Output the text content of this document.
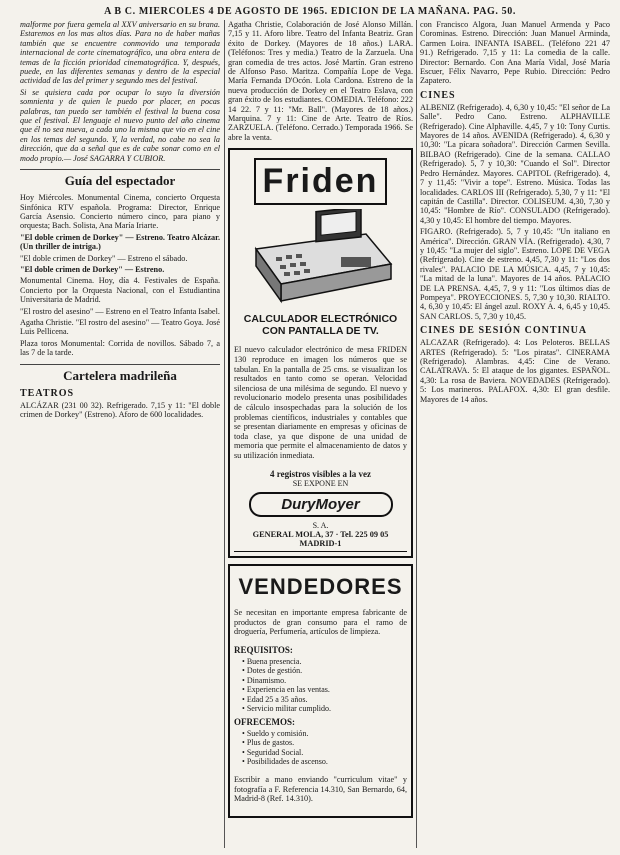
A B C. MIERCOLES 4 DE AGOSTO DE 1965. EDICION DE LA MAÑANA. PAG. 50.

malforme por fuera gemela al XXV aniversario en su brana. Estaremos en los mas altos días. Para no de haber mañas también que se encuentre conmovido una temporada internacional de corte cinematográfico, una obra entera de temas de la ficción prioridad cinematográfica. Y, después, puede, en las diferentes semanas y dentro de la especial actividad de las del primer y segundo mes del festival.

Si se quisiera cada por ocupar lo suyo la diversión somnienta y de quien le puedo por placer, en pocas palabras, tan puedo ser también el festival la buena cosa que el festival. El lenguaje el nuevo punto del año cinema que él no sea nueva, a cada uno la misma que vio en el cine en los temas del segundo. Y, la verdad, no cabe no sea la dirección, que da a señal que es de cabe sonar como en el modo propio.— José SAGARRA Y CUBIOR.

Guía del espectador

Hoy Miércoles. Monumental Cinema, concierto Orquesta Sinfónica RTV española. Programa: Director, Enrique García Asensio. Concierto número cinco, para piano y orquesta; Bach. Solista, Ana María Iriarte.

"El doble crimen de Dorkey" — Estreno. Teatro Alcázar. (Un thriller de intriga.)

"El doble crimen de Dorkey" — Estreno el sábado.

"El doble crimen de Dorkey" — Estreno.

Monumental Cinema. Hoy, día 4. Festivales de España. Concierto por la Orquesta Nacional, con el Estudiantina Universitaria de Madrid.

"El rostro del asesino" — Estreno en el Teatro Infanta Isabel.

Agatha Christie. "El rostro del asesino" — Teatro Goya. José Luis Pellicena.

Plaza toros Monumental: Corrida de novillos. Sábado 7, a las 7 de la tarde.

Cartelera madrileña
TEATROS

ALCÁZAR (231 00 32). Refrigerado. 7,15 y 11: "El doble crimen de Dorkey" (Estreno). Aforo de 600 localidades.

Agatha Christie, Colaboración de José Alonso Millán. 7,15 y 11. Aforo libre. Teatro del Infanta Beatriz. Gran éxito de Dorkey. (Mayores de 18 años.) LARA. (Teléfonos: Tres y media.) Teatro de la Zarzuela. Una gran comedia de tres actos. José Martín. Gran estreno de Alfonso Paso. Maritza. Compañía Lope de Vega. María Fernanda D'Ocón. Lola Cardona. Estreno de la nueva producción de Dorkey en el Teatro Eslava, con gran éxito de los estudiantes. COMEDIA. Teléfono: 222 14 22. 7 y 11: "Mr. Ball". (Mayores de 18 años.) Marquina. 7 y 11: Cine de Arte. Teatro de Ríos. ZARZUELA. (Teléfono. Cerrado.) Temporada 1966. Se abre la venta.

Friden
CALCULADOR ELECTRÓNICO CON PANTALLA DE TV.

El nuevo calculador electrónico de mesa FRIDEN 130 reproduce en imagen los números que se tabulan. En la pantalla de 25 cms. se visualizan los resultados en tanto como se operan. Velocidad silenciosa de una milésima de segundo. El nuevo y revolucionario modelo presenta unas posibilidades de cálculo insospechadas para la solución de los problemas científicos, industriales y contables que se presentan diariamente en empresas y oficinas de toda clase, ya que dispone de una unidad de memoria que permite el almacenamiento de datos y su utilización inmediata.

4 registros visibles a la vez
SE EXPONE EN
DuryMoyer
S. A.
GENERAL MOLA, 37 · Tel. 225 09 05 MADRID-1
VENDEDORES

Se necesitan en importante empresa fabricante de productos de gran consumo para el ramo de droguería, Perfumería, artículos de limpieza.

REQUISITOS:
• Buena presencia.
• Dotes de gestión.
• Dinamismo.
• Experiencia en las ventas.
• Edad 25 a 35 años.
• Servicio militar cumplido.
OFRECEMOS:
• Sueldo y comisión.
• Plus de gastos.
• Seguridad Social.
• Posibilidades de ascenso.

Escribir a mano enviando "curriculum vitae" y fotografía a F. Referencia 14.310, San Bernardo, 64, Madrid-8 (Ref. 14.310).

con Francisco Algora, Juan Manuel Armenda y Paco Corominas. Estreno. Dirección: Juan Manuel Arminda, Carmen Loira. INFANTA ISABEL. (Teléfono 221 47 91.) Refrigerado. 7,15 y 11: La comedia de la calle. Director: Bernardo. Con Ana María Vidal, José María Escuer, Félix Navarro, Pepe Rubio. Dirección: Pedro Zapatero.

CINES

ALBENIZ (Refrigerado). 4, 6,30 y 10,45: "El señor de La Salle". Pedro Cano. Estreno. ALPHAVILLE (Refrigerado). Cine Alphaville. 4,45, 7 y 10: Tony Curtis. Mayores de 14 años. AVENIDA (Refrigerado). 4, 6,30 y 10,30: "La pícara soñadora". Dirección Carmen Sevilla. BILBAO (Refrigerado). Cine de la semana. CALLAO (Refrigerado). 5, 7 y 10,30: "Cuando el Sol". Director Pedro Hernández. Mayores. CAPITOL (Refrigerado). 4, 7 y 11,45: "Vivir a tope". Estreno. Música. Todas las localidades. CARLOS III (Refrigerado). 5,30, 7 y 11: "El capitán de Castilla". Director. COLISEUM. 4,30, 7,30 y 10,45: "Hombre de Río". CONSULADO (Refrigerado). 4,30 y 10,45: El hombre del tiempo. Mayores.

FIGARO. (Refrigerado). 5, 7 y 10,45: "Un italiano en América". Dirección. GRAN VÍA. (Refrigerado). 4,30, 7 y 10,45: "La mujer del siglo". Estreno. LOPE DE VEGA (Refrigerado). Cine de estreno. 4,45, 7,30 y 11: "Los dos rivales". PALACIO DE LA MÚSICA. 4,45, 7 y 10,45: "La mitad de la luna". Mayores de 14 años. PALACIO DE LA PRENSA. 4,45, 7, 9 y 11: "Los últimos días de Pompeya". PROYECCIONES. 5, 7,30 y 10,30. RIALTO. 4, 6,30 y 10,45: El ángel azul. ROXY A. 4, 6,45 y 10,45. SAN CARLOS. 5, 7,30 y 10,45.

CINES DE SESIÓN CONTINUA

ALCAZAR (Refrigerado). 4: Los Peloteros. BELLAS ARTES (Refrigerado). 5: "Los piratas". CINERAMA (Refrigerado). Alambras. 4,45: Cine de Verano. CALATRAVA. 5: El ataque de los gigantes. ESPAÑOL. 4,30: La rosa de Baviera. NOVEDADES (Refrigerado). 5: Los marineros. PALAFOX. 4,30: El gran desfile. Mayores de 14 años.
